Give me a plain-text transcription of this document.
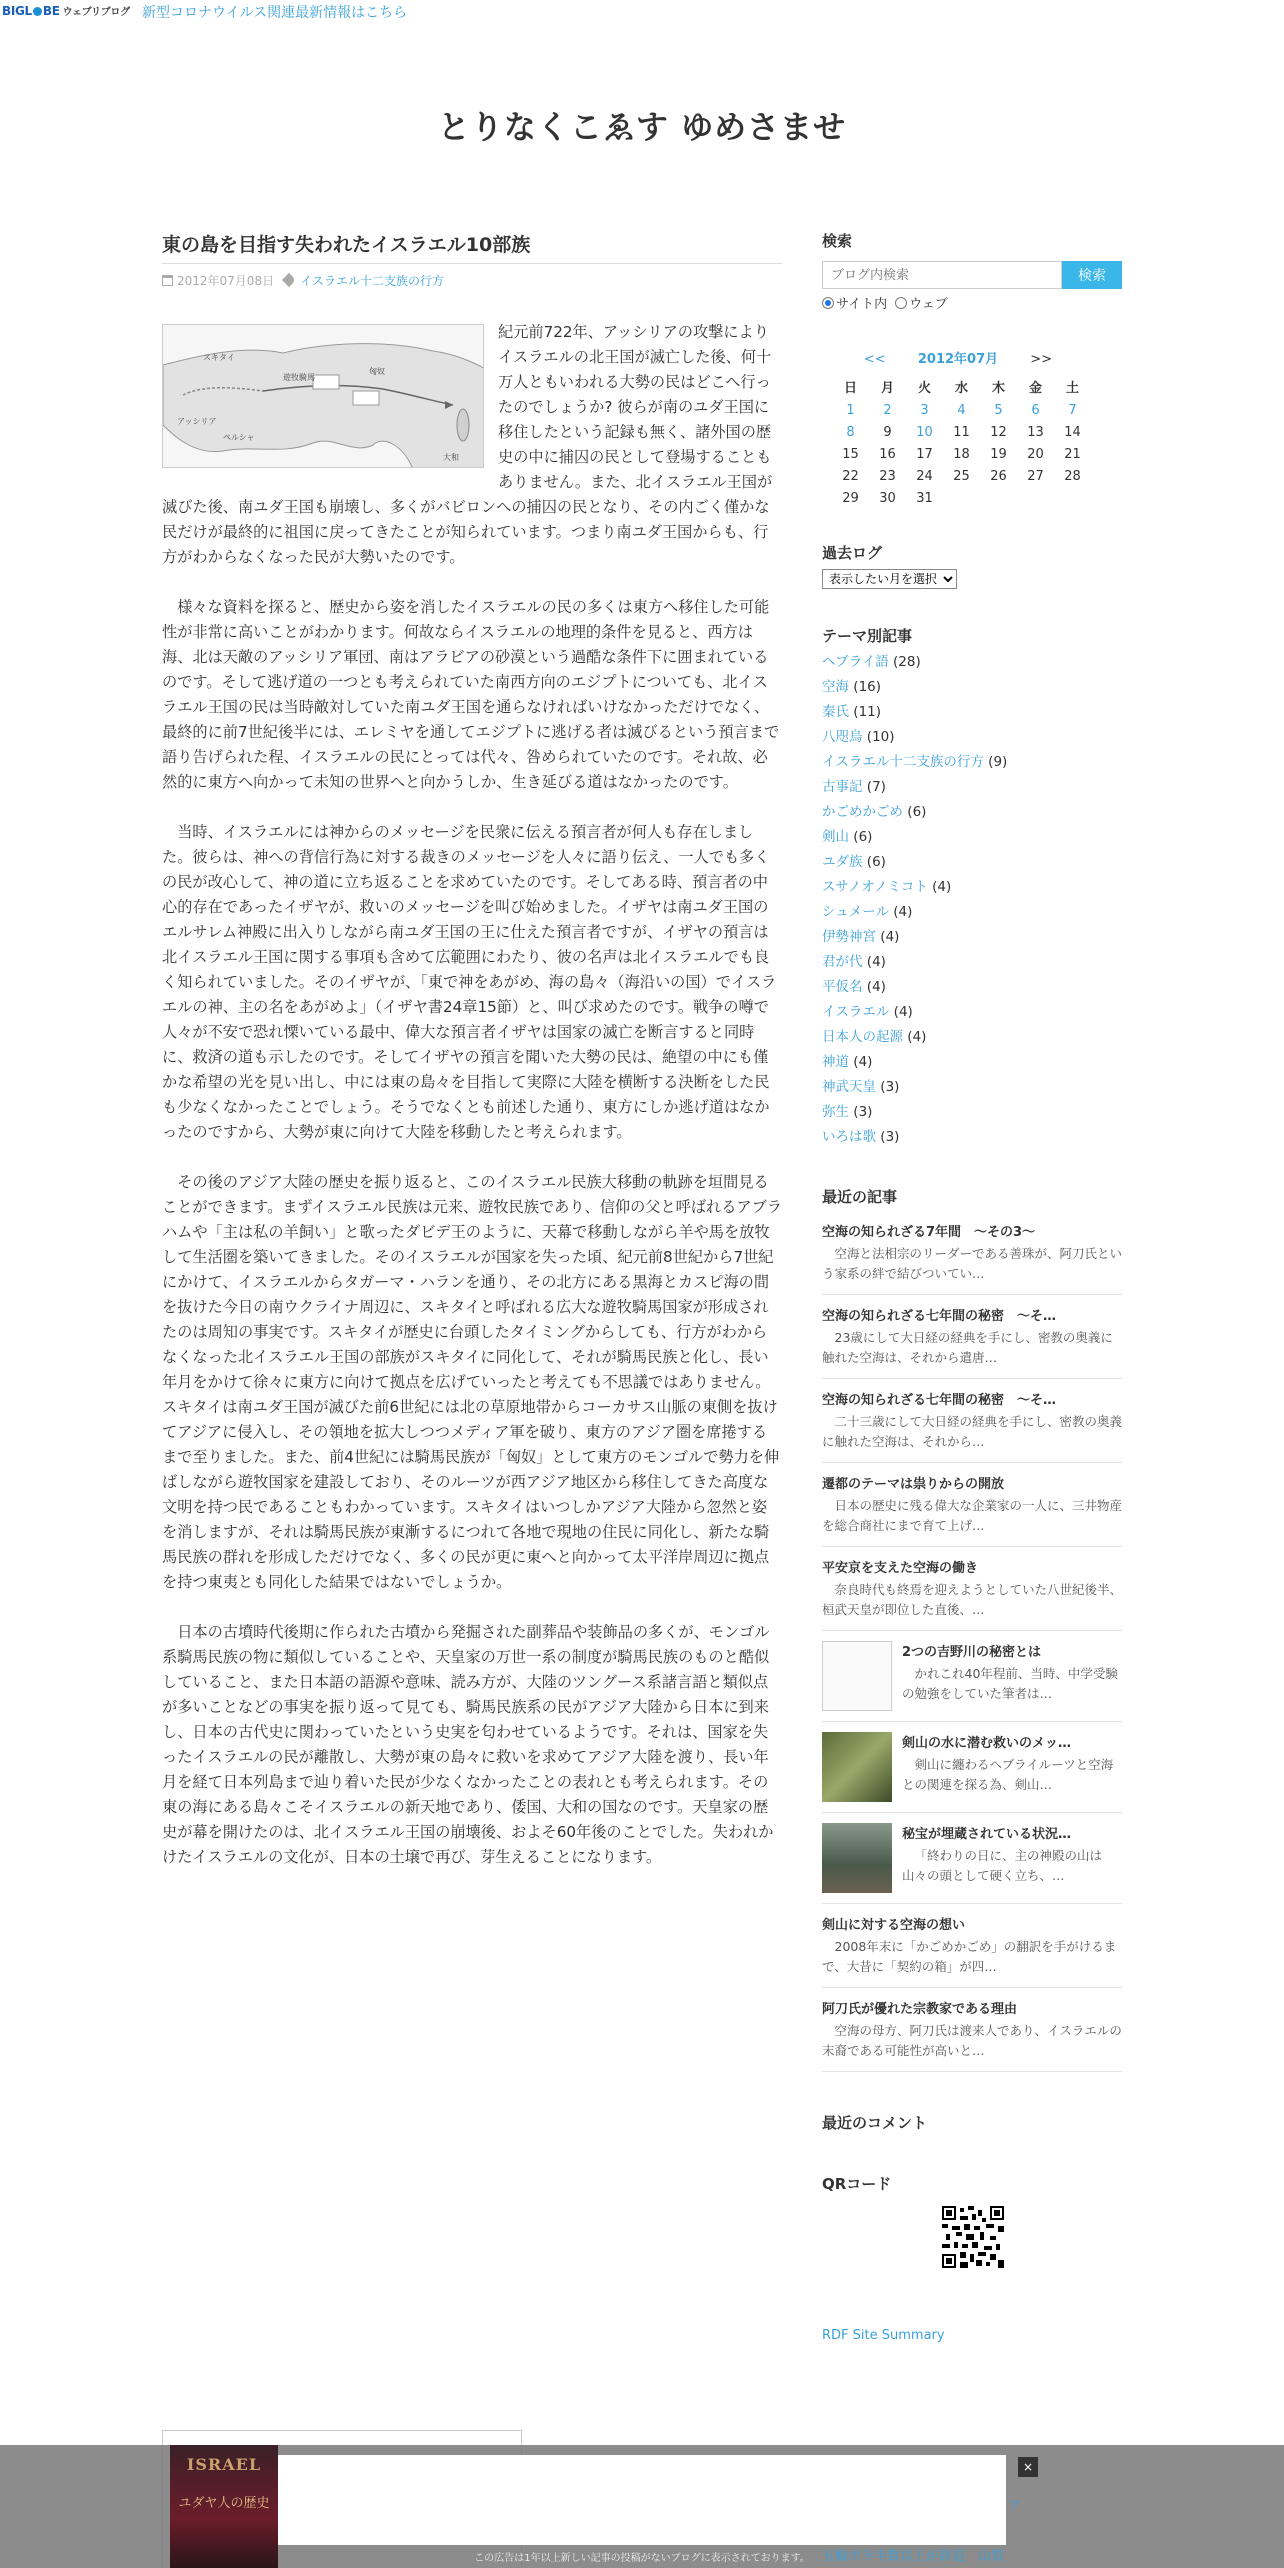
BIGL BE ウェブリブログ 新型コロナウイルス関連最新情報はこちら
とりなくこゑす ゆめさませ
東の島を目指す失われたイスラエル10部族
2012年07月08日 イスラエル十二支族の行方
スキタイ
匈奴
遊牧騎馬
大和
アッシリア
ペルシャ

紀元前722年、アッシリアの攻撃によりイスラエルの北王国が滅亡した後、何十万人ともいわれる大勢の民はどこへ行ったのでしょうか? 彼らが南のユダ王国に移住したという記録も無く、諸外国の歴史の中に捕囚の民として登場することもありません。また、北イスラエル王国が滅びた後、南ユダ王国も崩壊し、多くがバビロンへの捕囚の民となり、その内ごく僅かな民だけが最終的に祖国に戻ってきたことが知られています。つまり南ユダ王国からも、行方がわからなくなった民が大勢いたのです。

様々な資料を探ると、歴史から姿を消したイスラエルの民の多くは東方へ移住した可能性が非常に高いことがわかります。何故ならイスラエルの地理的条件を見ると、西方は海、北は天敵のアッシリア軍団、南はアラビアの砂漠という過酷な条件下に囲まれているのです。そして逃げ道の一つとも考えられていた南西方向のエジプトについても、北イスラエル王国の民は当時敵対していた南ユダ王国を通らなければいけなかっただけでなく、最終的に前7世紀後半には、エレミヤを通してエジプトに逃げる者は滅びるという預言まで語り告げられた程、イスラエルの民にとっては代々、咎められていたのです。それ故、必然的に東方へ向かって未知の世界へと向かうしか、生き延びる道はなかったのです。

当時、イスラエルには神からのメッセージを民衆に伝える預言者が何人も存在しました。彼らは、神への背信行為に対する裁きのメッセージを人々に語り伝え、一人でも多くの民が改心して、神の道に立ち返ることを求めていたのです。そしてある時、預言者の中心的存在であったイザヤが、救いのメッセージを叫び始めました。イザヤは南ユダ王国のエルサレム神殿に出入りしながら南ユダ王国の王に仕えた預言者ですが、イザヤの預言は北イスラエル王国に関する事項も含めて広範囲にわたり、彼の名声は北イスラエルでも良く知られていました。そのイザヤが、「東で神をあがめ、海の島々（海沿いの国）でイスラエルの神、主の名をあがめよ」（イザヤ書24章15節）と、叫び求めたのです。戦争の噂で人々が不安で恐れ慄いている最中、偉大な預言者イザヤは国家の滅亡を断言すると同時に、救済の道も示したのです。そしてイザヤの預言を聞いた大勢の民は、絶望の中にも僅かな希望の光を見い出し、中には東の島々を目指して実際に大陸を横断する決断をした民も少なくなかったことでしょう。そうでなくとも前述した通り、東方にしか逃げ道はなかったのですから、大勢が東に向けて大陸を移動したと考えられます。

その後のアジア大陸の歴史を振り返ると、このイスラエル民族大移動の軌跡を垣間見ることができます。まずイスラエル民族は元来、遊牧民族であり、信仰の父と呼ばれるアブラハムや「主は私の羊飼い」と歌ったダビデ王のように、天幕で移動しながら羊や馬を放牧して生活圏を築いてきました。そのイスラエルが国家を失った頃、紀元前8世紀から7世紀にかけて、イスラエルからタガーマ・ハランを通り、その北方にある黒海とカスピ海の間を抜けた今日の南ウクライナ周辺に、スキタイと呼ばれる広大な遊牧騎馬国家が形成されたのは周知の事実です。スキタイが歴史に台頭したタイミングからしても、行方がわからなくなった北イスラエル王国の部族がスキタイに同化して、それが騎馬民族と化し、長い年月をかけて徐々に東方に向けて拠点を広げていったと考えても不思議ではありません。スキタイは南ユダ王国が滅びた前6世紀には北の草原地帯からコーカサス山脈の東側を抜けてアジアに侵入し、その領地を拡大しつつメディア軍を破り、東方のアジア圏を席捲するまで至りました。また、前4世紀には騎馬民族が「匈奴」として東方のモンゴルで勢力を伸ばしながら遊牧国家を建設しており、そのルーツが西アジア地区から移住してきた高度な文明を持つ民であることもわかっています。スキタイはいつしかアジア大陸から忽然と姿を消しますが、それは騎馬民族が東漸するにつれて各地で現地の住民に同化し、新たな騎馬民族の群れを形成しただけでなく、多くの民が更に東へと向かって太平洋岸周辺に拠点を持つ東夷とも同化した結果ではないでしょうか。

日本の古墳時代後期に作られた古墳から発掘された副葬品や装飾品の多くが、モンゴル系騎馬民族の物に類似していることや、天皇家の万世一系の制度が騎馬民族のものと酷似していること、また日本語の語源や意味、読み方が、大陸のツングース系諸言語と類似点が多いことなどの事実を振り返って見ても、騎馬民族系の民がアジア大陸から日本に到来し、日本の古代史に関わっていたという史実を匂わせているようです。それは、国家を失ったイスラエルの民が離散し、大勢が東の島々に救いを求めてアジア大陸を渡り、長い年月を経て日本列島まで辿り着いた民が少なくなかったことの表れとも考えられます。その東の海にある島々こそイスラエルの新天地であり、倭国、大和の国なのです。天皇家の歴史が幕を開けたのは、北イスラエル王国の崩壊後、およそ60年後のことでした。失われかけたイスラエルの文化が、日本の土壌で再び、芽生えることになります。

検索
ブログ内検索
検索
サイト内 ウェブ
<< 2012年07月 >>
日	月	火	水	木	金	土
1	2	3	4	5	6	7
8	9	10	11	12	13	14
15	16	17	18	19	20	21
22	23	24	25	26	27	28
29	30	31
過去ログ
表示したい月を選択
テーマ別記事
ヘブライ語 (28)
空海 (16)
秦氏 (11)
八咫烏 (10)
イスラエル十二支族の行方 (9)
古事記 (7)
かごめかごめ (6)
剣山 (6)
ユダ族 (6)
スサノオノミコト (4)
シュメール (4)
伊勢神宮 (4)
君が代 (4)
平仮名 (4)
イスラエル (4)
日本人の起源 (4)
神道 (4)
神武天皇 (3)
弥生 (3)
いろは歌 (3)
最近の記事
空海の知られざる7年間　～その3～
空海と法相宗のリーダーである善珠が、阿刀氏という家系の絆で結びついてい…
空海の知られざる七年間の秘密　～そ…
23歳にして大日経の経典を手にし、密教の奥義に触れた空海は、それから遣唐…
空海の知られざる七年間の秘密　～そ…
二十三歳にして大日経の経典を手にし、密教の奥義に触れた空海は、それから…
遷都のテーマは祟りからの開放
日本の歴史に残る偉大な企業家の一人に、三井物産を総合商社にまで育て上げ…
平安京を支えた空海の働き
奈良時代も終焉を迎えようとしていた八世紀後半、桓武天皇が即位した直後、…
2つの吉野川の秘密とは
かれこれ40年程前、当時、中学受験の勉強をしていた筆者は…
剣山の水に潜む救いのメッ…
剣山に纏わるヘブライルーツと空海との関連を探る為、剣山…
秘宝が埋蔵されている状況…
「終わりの日に、主の神殿の山は山々の頭として硬く立ち、…
剣山に対する空海の想い
2008年末に「かごめかごめ」の翻訳を手がけるまで、大昔に「契約の箱」が四…
阿刀氏が優れた宗教家である理由
空海の母方、阿刀氏は渡来人であり、イスラエルの末裔である可能性が高いと…
最近のコメント
QRコード
RDF Site Summary
ISRAEL
ユダヤ人の歴史
×
ア
五輪ボラ半数以上が辞退　山梨
この広告は1年以上新しい記事の投稿がないブログに表示されております。
